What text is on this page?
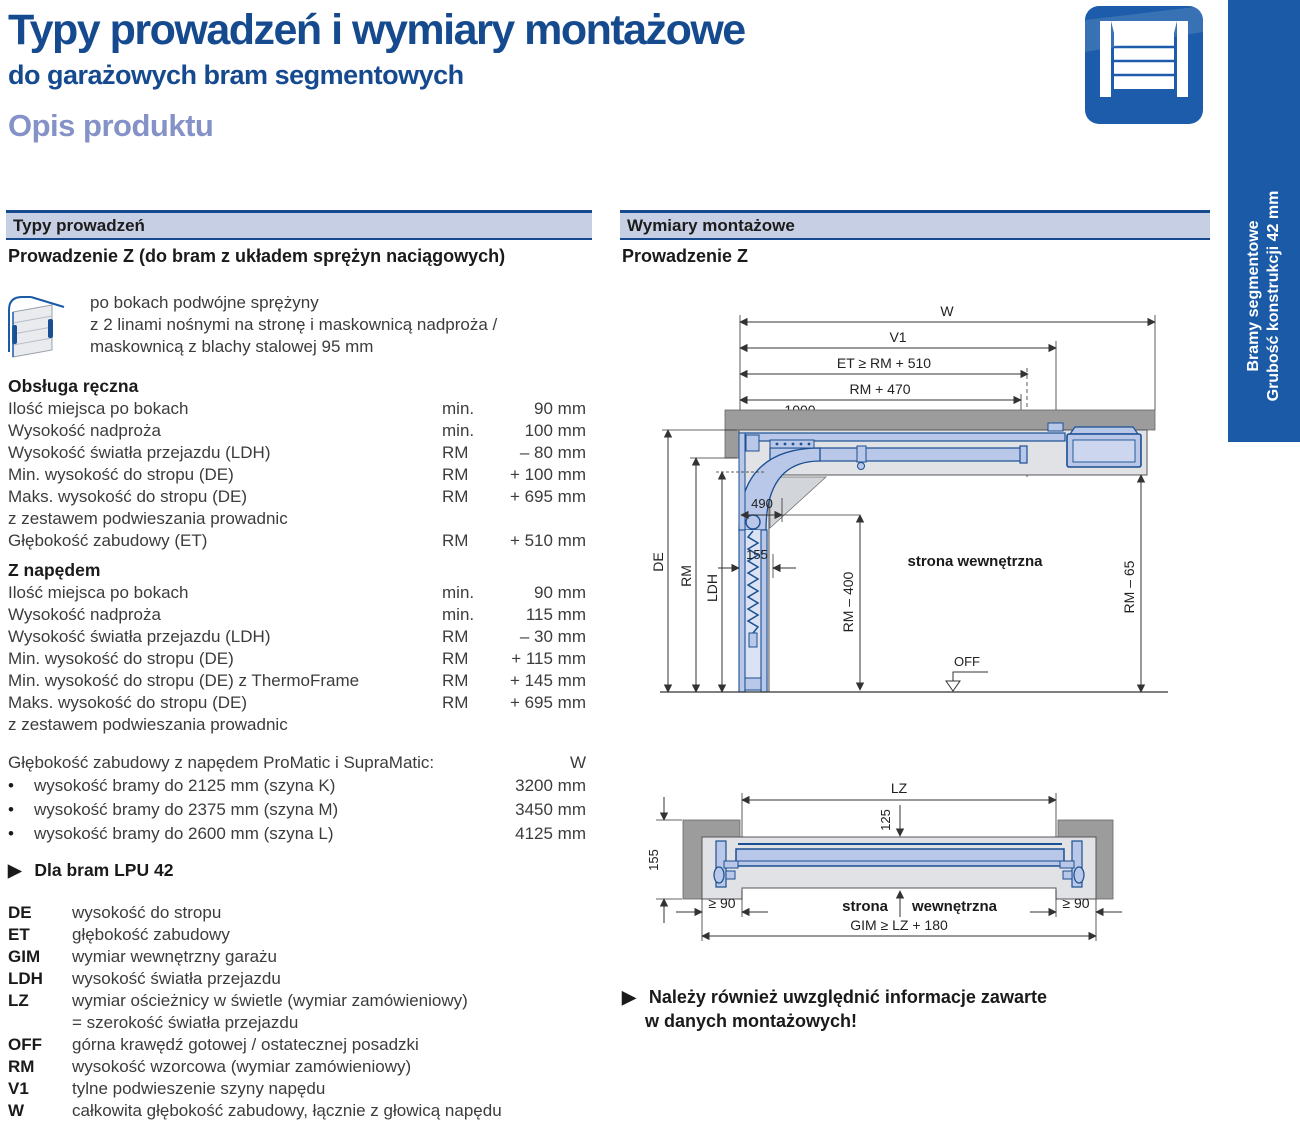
Typy prowadzeń i wymiary montażowe
do garażowych bram segmentowych
Opis produktu
Bramy segmentowe Grubość konstrukcji 42 mm
Typy prowadzeń
Prowadzenie Z (do bram z układem sprężyn naciągowych)
po bokach podwójne sprężyny
z 2 linami nośnymi na stronę i maskownicą nadproża /
maskownicą z blachy stalowej 95 mm
Obsługa ręczna
Ilość miejsca po bokach	min.	90 mm
Wysokość nadproża	min.	100 mm
Wysokość światła przejazdu (LDH)	RM	– 80 mm
Min. wysokość do stropu (DE)	RM	+ 100 mm
Maks. wysokość do stropu (DE)	RM	+ 695 mm
z zestawem podwieszania prowadnic
Głębokość zabudowy (ET)	RM	+ 510 mm
Z napędem
Ilość miejsca po bokach	min.	90 mm
Wysokość nadproża	min.	115 mm
Wysokość światła przejazdu (LDH)	RM	– 30 mm
Min. wysokość do stropu (DE)	RM	+ 115 mm
Min. wysokość do stropu (DE) z ThermoFrame	RM	+ 145 mm
Maks. wysokość do stropu (DE)	RM	+ 695 mm
z zestawem podwieszania prowadnic
Głębokość zabudowy z napędem ProMatic i SupraMatic:	W
•	wysokość bramy do 2125 mm (szyna K)	3200 mm
•	wysokość bramy do 2375 mm (szyna M)	3450 mm
•	wysokość bramy do 2600 mm (szyna L)	4125 mm
▶ Dla bram LPU 42
DE	wysokość do stropu
ET	głębokość zabudowy
GIM	wymiar wewnętrzny garażu
LDH	wysokość światła przejazdu
LZ	wymiar ościeżnicy w świetle (wymiar zamówieniowy)
= szerokość światła przejazdu
OFF	górna krawędź gotowej / ostatecznej posadzki
RM	wysokość wzorcowa (wymiar zamówieniowy)
V1	tylne podwieszenie szyny napędu
W	całkowita głębokość zabudowy, łącznie z głowicą napędu
Wymiary montażowe
Prowadzenie Z
W
V1
ET ≥ RM + 510
RM + 470
DE
RM LDH
490
155
RM – 400
strona wewnętrzna
OFF
RM – 65
LZ
125
155
≥ 90	≥ 90
strona wewnętrzna
GIM ≥ LZ + 180
▶ Należy również uwzględnić informacje zawarte
w danych montażowych!
